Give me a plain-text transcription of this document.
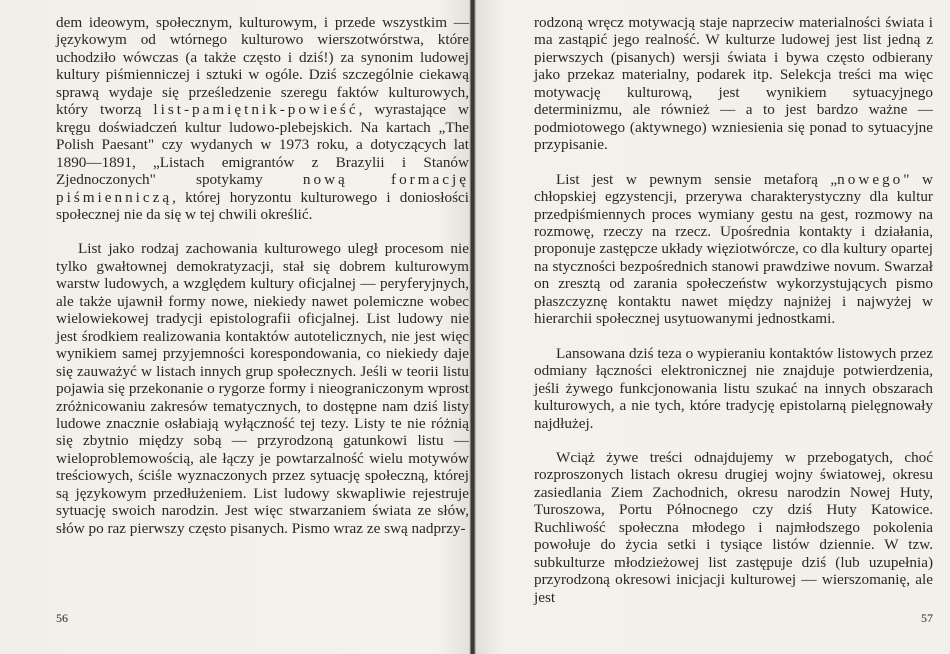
dem ideowym, społecznym, kulturowym, i przede wszystkim — językowym od wtórnego kulturowo wierszotwórstwa, które uchodziło wówczas (a także często i dziś!) za synonim ludowej kultury piśmienniczej i sztuki w ogóle. Dziś szczególnie ciekawą sprawą wydaje się prześledzenie szeregu faktów kulturowych, który tworzą list-pamiętnik-powieść, wyrastające w kręgu doświadczeń kultur ludowo-plebejskich. Na kartach „The Polish Paesant" czy wydanych w 1973 roku, a dotyczących lat 1890—1891, „Listach emigrantów z Brazylii i Stanów Zjednoczonych" spotykamy nową formację piśmienniczą, której horyzontu kulturowego i doniosłości społecznej nie da się w tej chwili określić.

List jako rodzaj zachowania kulturowego uległ procesom nie tylko gwałtownej demokratyzacji, stał się dobrem kulturowym warstw ludowych, a względem kultury oficjalnej — peryferyjnych, ale także ujawnił formy nowe, niekiedy nawet polemiczne wobec wielowiekowej tradycji epistolografii oficjalnej. List ludowy nie jest środkiem realizowania kontaktów autotelicznych, nie jest więc wynikiem samej przyjemności korespondowania, co niekiedy daje się zauważyć w listach innych grup społecznych. Jeśli w teorii listu pojawia się przekonanie o rygorze formy i nieograniczonym wprost zróżnicowaniu zakresów tematycznych, to dostępne nam dziś listy ludowe znacznie osłabiają wyłączność tej tezy. Listy te nie różnią się zbytnio między sobą — przyrodzoną gatunkowi listu — wieloproblemowością, ale łączy je powtarzalność wielu motywów treściowych, ściśle wyznaczonych przez sytuację społeczną, której są językowym przedłużeniem. List ludowy skwapliwie rejestruje sytuację swoich narodzin. Jest więc stwarzaniem świata ze słów, słów po raz pierwszy często pisanych. Pismo wraz ze swą nadprzy-

56

rodzoną wręcz motywacją staje naprzeciw materialności świata i ma zastąpić jego realność. W kulturze ludowej jest list jedną z pierwszych (pisanych) wersji świata i bywa często odbierany jako przekaz materialny, podarek itp. Selekcja treści ma więc motywację kulturową, jest wynikiem sytuacyjnego determinizmu, ale również — a to jest bardzo ważne — podmiotowego (aktywnego) wzniesienia się ponad to sytuacyjne przypisanie.

List jest w pewnym sensie metaforą „nowego" w chłopskiej egzystencji, przerywa charakterystyczny dla kultur przedpiśmiennych proces wymiany gestu na gest, rozmowy na rozmowę, rzeczy na rzecz. Upośrednia kontakty i działania, proponuje zastępcze układy więziotwórcze, co dla kultury opartej na styczności bezpośrednich stanowi prawdziwe novum. Swarzał on zresztą od zarania społeczeństw wykorzystujących pismo płaszczyznę kontaktu nawet między najniżej i najwyżej w hierarchii społecznej usytuowanymi jednostkami.

Lansowana dziś teza o wypieraniu kontaktów listowych przez odmiany łączności elektronicznej nie znajduje potwierdzenia, jeśli żywego funkcjonowania listu szukać na innych obszarach kulturowych, a nie tych, które tradycję epistolarną pielęgnowały najdłużej.

Wciąż żywe treści odnajdujemy w przebogatych, choć rozproszonych listach okresu drugiej wojny światowej, okresu zasiedlania Ziem Zachodnich, okresu narodzin Nowej Huty, Turoszowa, Portu Północnego czy dziś Huty Katowice. Ruchliwość społeczna młodego i najmłodszego pokolenia powołuje do życia setki i tysiące listów dziennie. W tzw. subkulturze młodzieżowej list zastępuje dziś (lub uzupełnia) przyrodzoną okresowi inicjacji kulturowej — wierszomanię, ale jest

57
